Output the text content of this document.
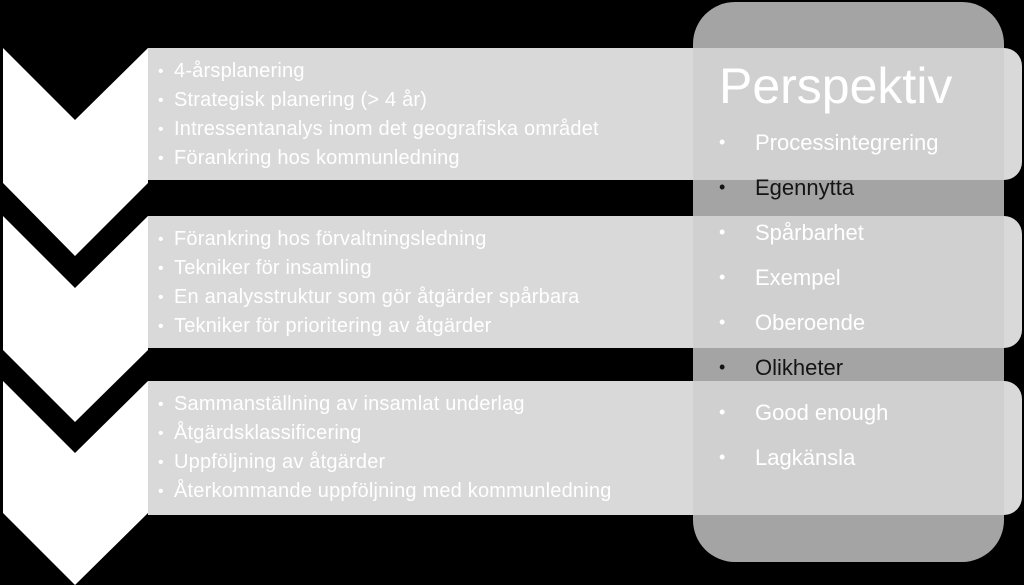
• 4-årsplanering
• Strategisk planering (> 4 år)
• Intressentanalys inom det geografiska området
• Förankring hos kommunledning
• Förankring hos förvaltningsledning
• Tekniker för insamling
• En analysstruktur som gör åtgärder spårbara
• Tekniker för prioritering av åtgärder
• Sammanställning av insamlat underlag
• Åtgärdsklassificering
• Uppföljning av åtgärder
• Återkommande uppföljning med kommunledning
Perspektiv
• Processintegrering
• Egennytta
• Spårbarhet
• Exempel
• Oberoende
• Olikheter
• Good enough
• Lagkänsla
